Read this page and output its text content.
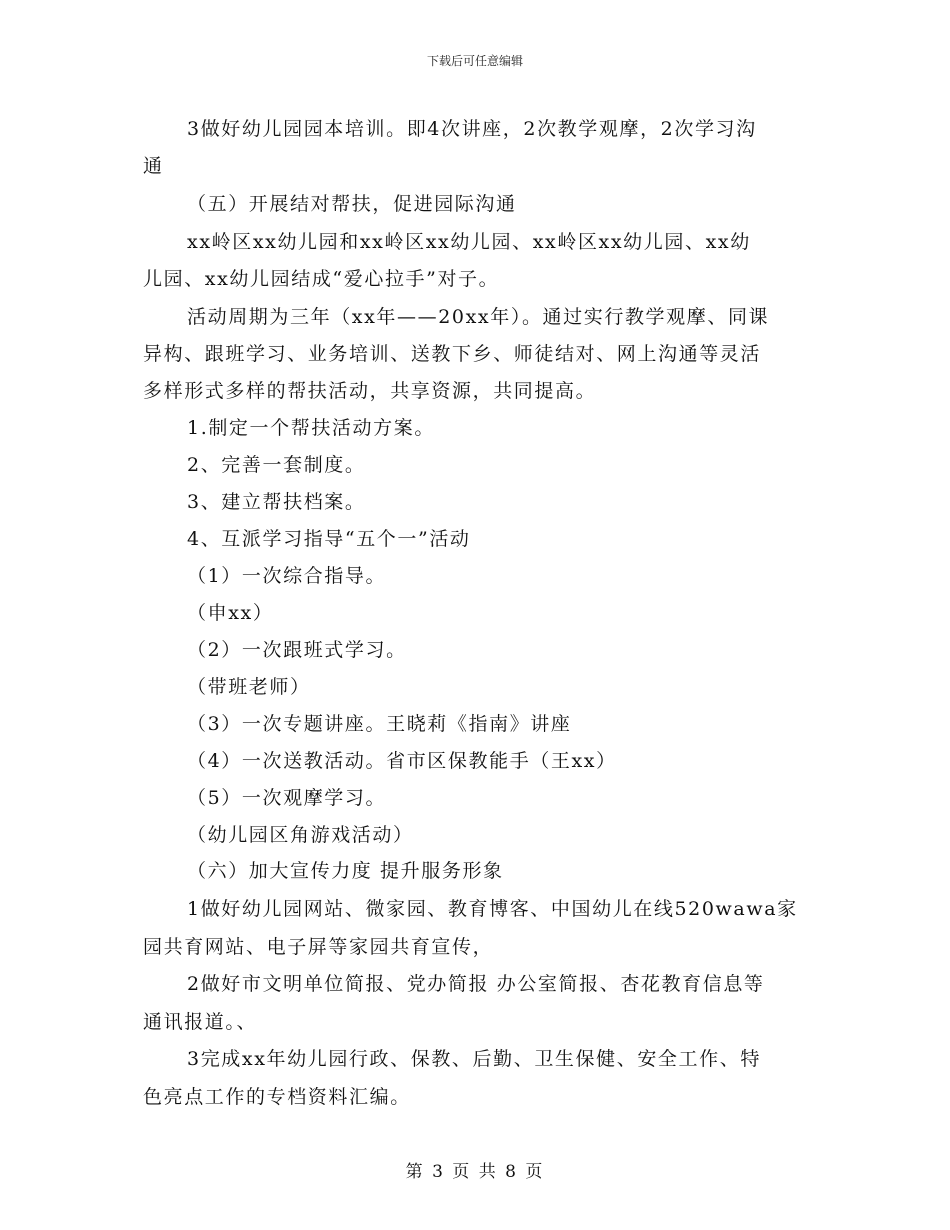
下载后可任意编辑
3做好幼儿园园本培训。即4次讲座，2次教学观摩，2次学习沟
通
（五）开展结对帮扶，促进园际沟通
xx岭区xx幼儿园和xx岭区xx幼儿园、xx岭区xx幼儿园、xx幼
儿园、xx幼儿园结成“爱心拉手”对子。
活动周期为三年（xx年——20xx年）。通过实行教学观摩、同课
异构、跟班学习、业务培训、送教下乡、师徒结对、网上沟通等灵活
多样形式多样的帮扶活动，共享资源，共同提高。
1.制定一个帮扶活动方案。
2、完善一套制度。
3、建立帮扶档案。
4、互派学习指导“五个一”活动
（1）一次综合指导。
（申xx）
（2）一次跟班式学习。
（带班老师）
（3）一次专题讲座。王晓莉《指南》讲座
（4）一次送教活动。省市区保教能手（王xx）
（5）一次观摩学习。
（幼儿园区角游戏活动）
（六）加大宣传力度 提升服务形象
1做好幼儿园网站、微家园、教育博客、中国幼儿在线520wawa家
园共育网站、电子屏等家园共育宣传，
2做好市文明单位简报、党办简报 办公室简报、杏花教育信息等
通讯报道。、
3完成xx年幼儿园行政、保教、后勤、卫生保健、安全工作、特
色亮点工作的专档资料汇编。
第 3 页 共 8 页
